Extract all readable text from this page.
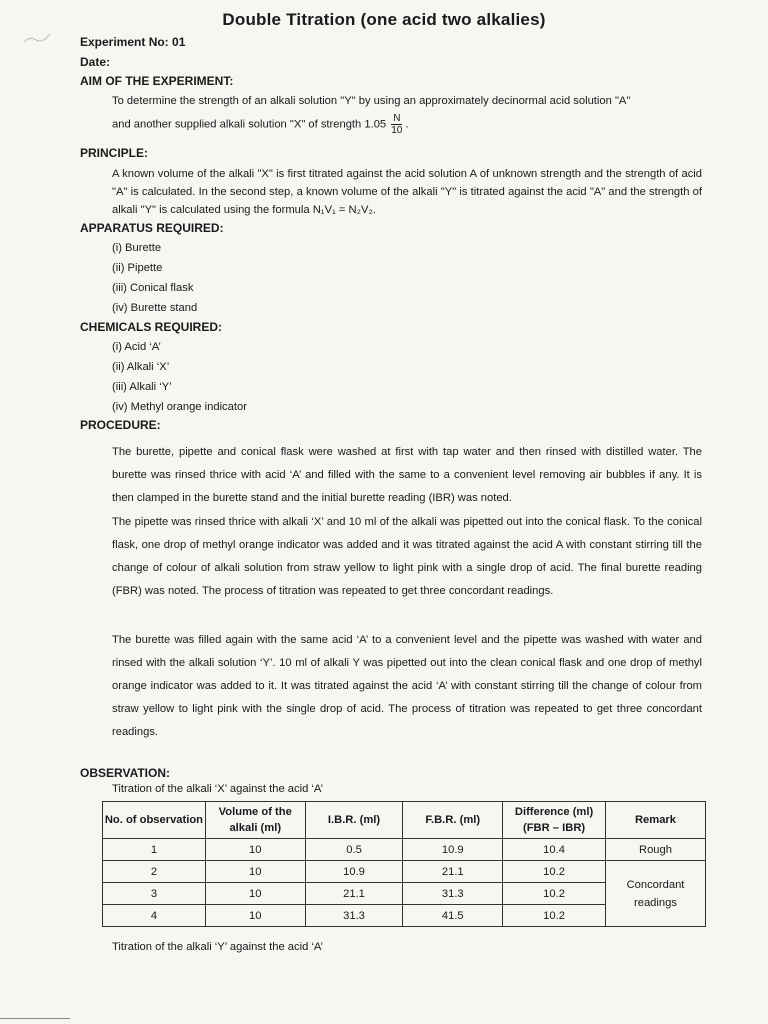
Double Titration (one acid two alkalies)
Experiment No: 01
Date:
AIM OF THE EXPERIMENT:
To determine the strength of an alkali solution "Y" by using an approximately decinormal acid solution "A"
and another supplied alkali solution "X" of strength $1.05 \frac{N}{10}$ .
PRINCIPLE:
A known volume of the alkali "X" is first titrated against the acid solution A of unknown strength and the strength of acid "A" is calculated. In the second step, a known volume of the alkali "Y" is titrated against the acid "A" and the strength of alkali "Y" is calculated using the formula N₁V₁ = N₂V₂.
APPARATUS REQUIRED:
(i) Burette
(ii) Pipette
(iii) Conical flask
(iv) Burette stand
CHEMICALS REQUIRED:
(i) Acid ‘A’
(ii) Alkali ‘X’
(iii) Alkali ‘Y’
(iv) Methyl orange indicator
PROCEDURE:
The burette, pipette and conical flask were washed at first with tap water and then rinsed with distilled water. The burette was rinsed thrice with acid ‘A’ and filled with the same to a convenient level removing air bubbles if any. It is then clamped in the burette stand and the initial burette reading (IBR) was noted.
The pipette was rinsed thrice with alkali ‘X’ and 10 ml of the alkali was pipetted out into the conical flask. To the conical flask, one drop of methyl orange indicator was added and it was titrated against the acid A with constant stirring till the change of colour of alkali solution from straw yellow to light pink with a single drop of acid. The final burette reading (FBR) was noted. The process of titration was repeated to get three concordant readings.
The burette was filled again with the same acid ‘A’ to a convenient level and the pipette was washed with water and rinsed with the alkali solution ‘Y’. 10 ml of alkali Y was pipetted out into the clean conical flask and one drop of methyl orange indicator was added to it. It was titrated against the acid ‘A’ with constant stirring till the change of colour from straw yellow to light pink with the single drop of acid. The process of titration was repeated to get three concordant readings.
OBSERVATION:
Titration of the alkali ‘X’ against the acid ‘A’
No. of observation	Volume of the alkali (ml)	I.B.R. (ml)	F.B.R. (ml)	Difference (ml) (FBR – IBR)	Remark
1	10	0.5	10.9	10.4	Rough
2	10	10.9	21.1	10.2	Concordant readings
3	10	21.1	31.3	10.2	
4	10	31.3	41.5	10.2	
Titration of the alkali ‘Y’ against the acid ‘A’
